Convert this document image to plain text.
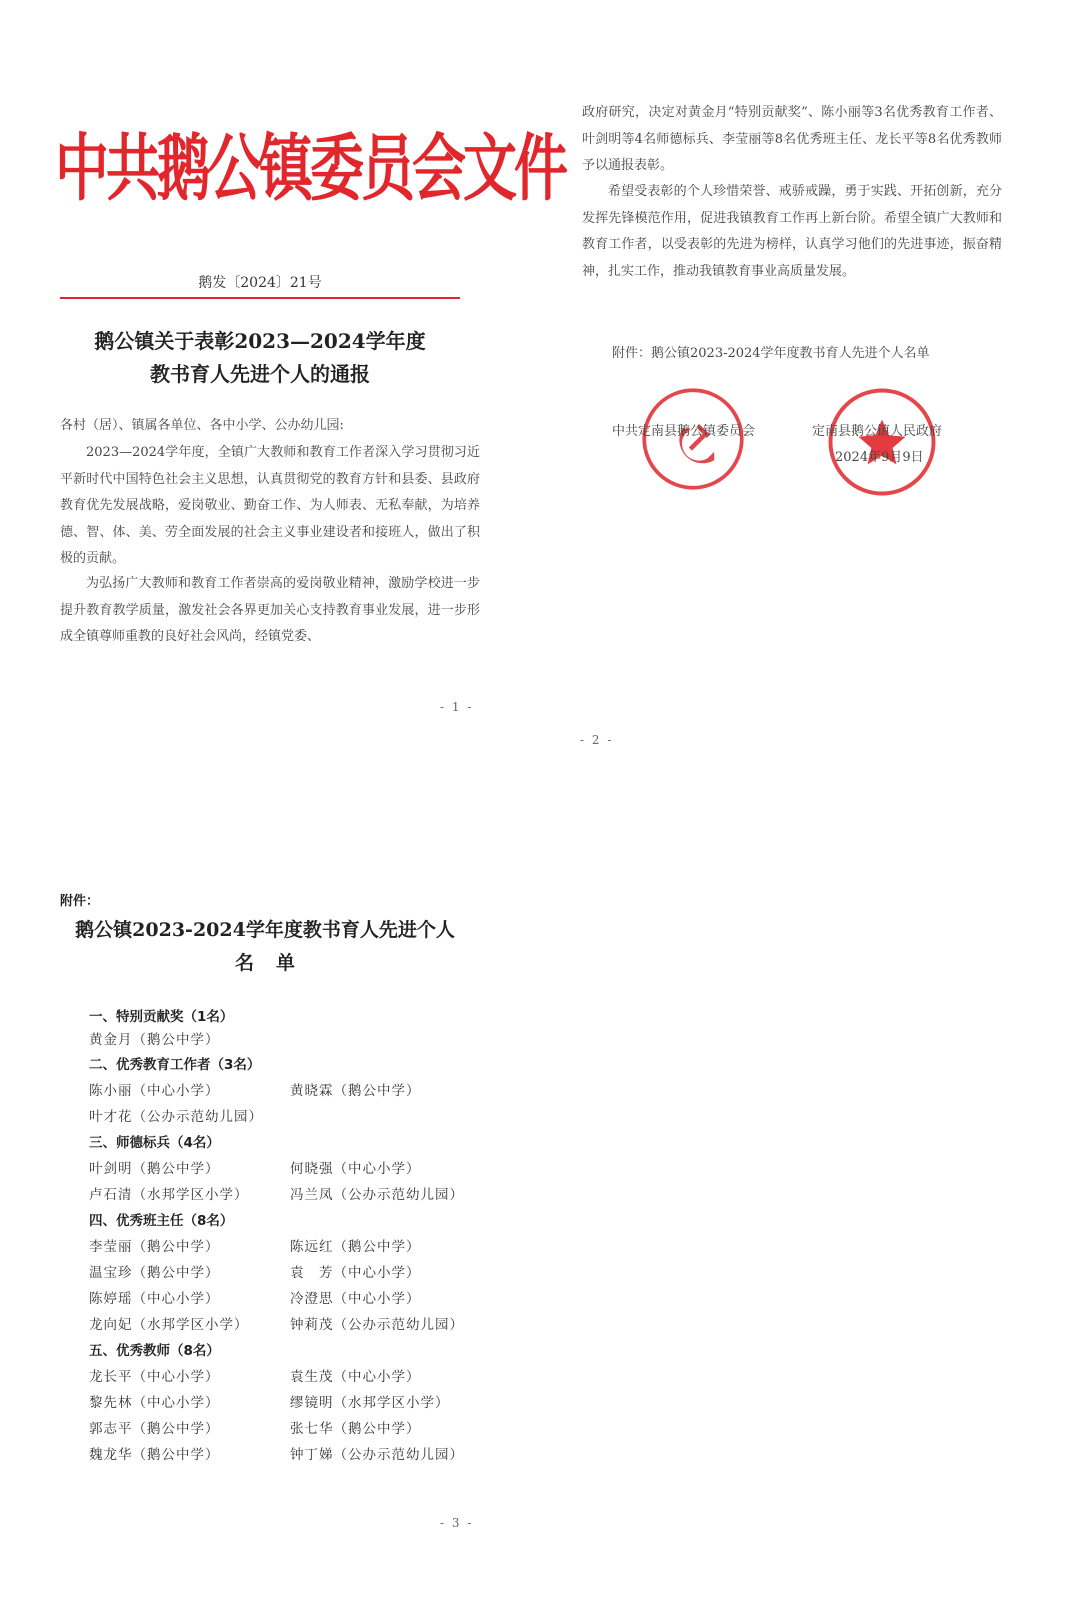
中共鹅公镇委员会文件
鹅发〔2024〕21号
鹅公镇关于表彰2023—2024学年度
教书育人先进个人的通报
各村（居）、镇属各单位、各中小学、公办幼儿园:
2023—2024学年度，全镇广大教师和教育工作者深入学习贯彻习近平新时代中国特色社会主义思想，认真贯彻党的教育方针和县委、县政府教育优先发展战略，爱岗敬业、勤奋工作、为人师表、无私奉献，为培养德、智、体、美、劳全面发展的社会主义事业建设者和接班人，做出了积极的贡献。
为弘扬广大教师和教育工作者崇高的爱岗敬业精神，激励学校进一步提升教育教学质量，激发社会各界更加关心支持教育事业发展，进一步形成全镇尊师重教的良好社会风尚，经镇党委、
- 1 -
政府研究，决定对黄金月“特别贡献奖”、陈小丽等3名优秀教育工作者、叶剑明等4名师德标兵、李莹丽等8名优秀班主任、龙长平等8名优秀教师予以通报表彰。
希望受表彰的个人珍惜荣誉、戒骄戒躁，勇于实践、开拓创新，充分发挥先锋模范作用，促进我镇教育工作再上新台阶。希望全镇广大教师和教育工作者，以受表彰的先进为榜样，认真学习他们的先进事迹，振奋精神，扎实工作，推动我镇教育事业高质量发展。
附件：鹅公镇2023-2024学年度教书育人先进个人名单
中共定南县鹅公镇委员会	定南县鹅公镇人民政府
2024年9月9日
- 2 -
附件：
鹅公镇2023-2024学年度教书育人先进个人
名单
一、特别贡献奖（1名）
黄金月（鹅公中学）
二、优秀教育工作者（3名）
陈小丽（中心小学）	黄晓霖（鹅公中学）
叶才花（公办示范幼儿园）
三、师德标兵（4名）
叶剑明（鹅公中学）	何晓强（中心小学）
卢石清（水邦学区小学）	冯兰凤（公办示范幼儿园）
四、优秀班主任（8名）
李莹丽（鹅公中学）	陈远红（鹅公中学）
温宝珍（鹅公中学）	袁　芳（中心小学）
陈婷瑶（中心小学）	冷澄思（中心小学）
龙向妃（水邦学区小学）	钟莉茂（公办示范幼儿园）
五、优秀教师（8名）
龙长平（中心小学）	袁生茂（中心小学）
黎先林（中心小学）	缪镜明（水邦学区小学）
郭志平（鹅公中学）	张七华（鹅公中学）
魏龙华（鹅公中学）	钟丁娣（公办示范幼儿园）
- 3 -
